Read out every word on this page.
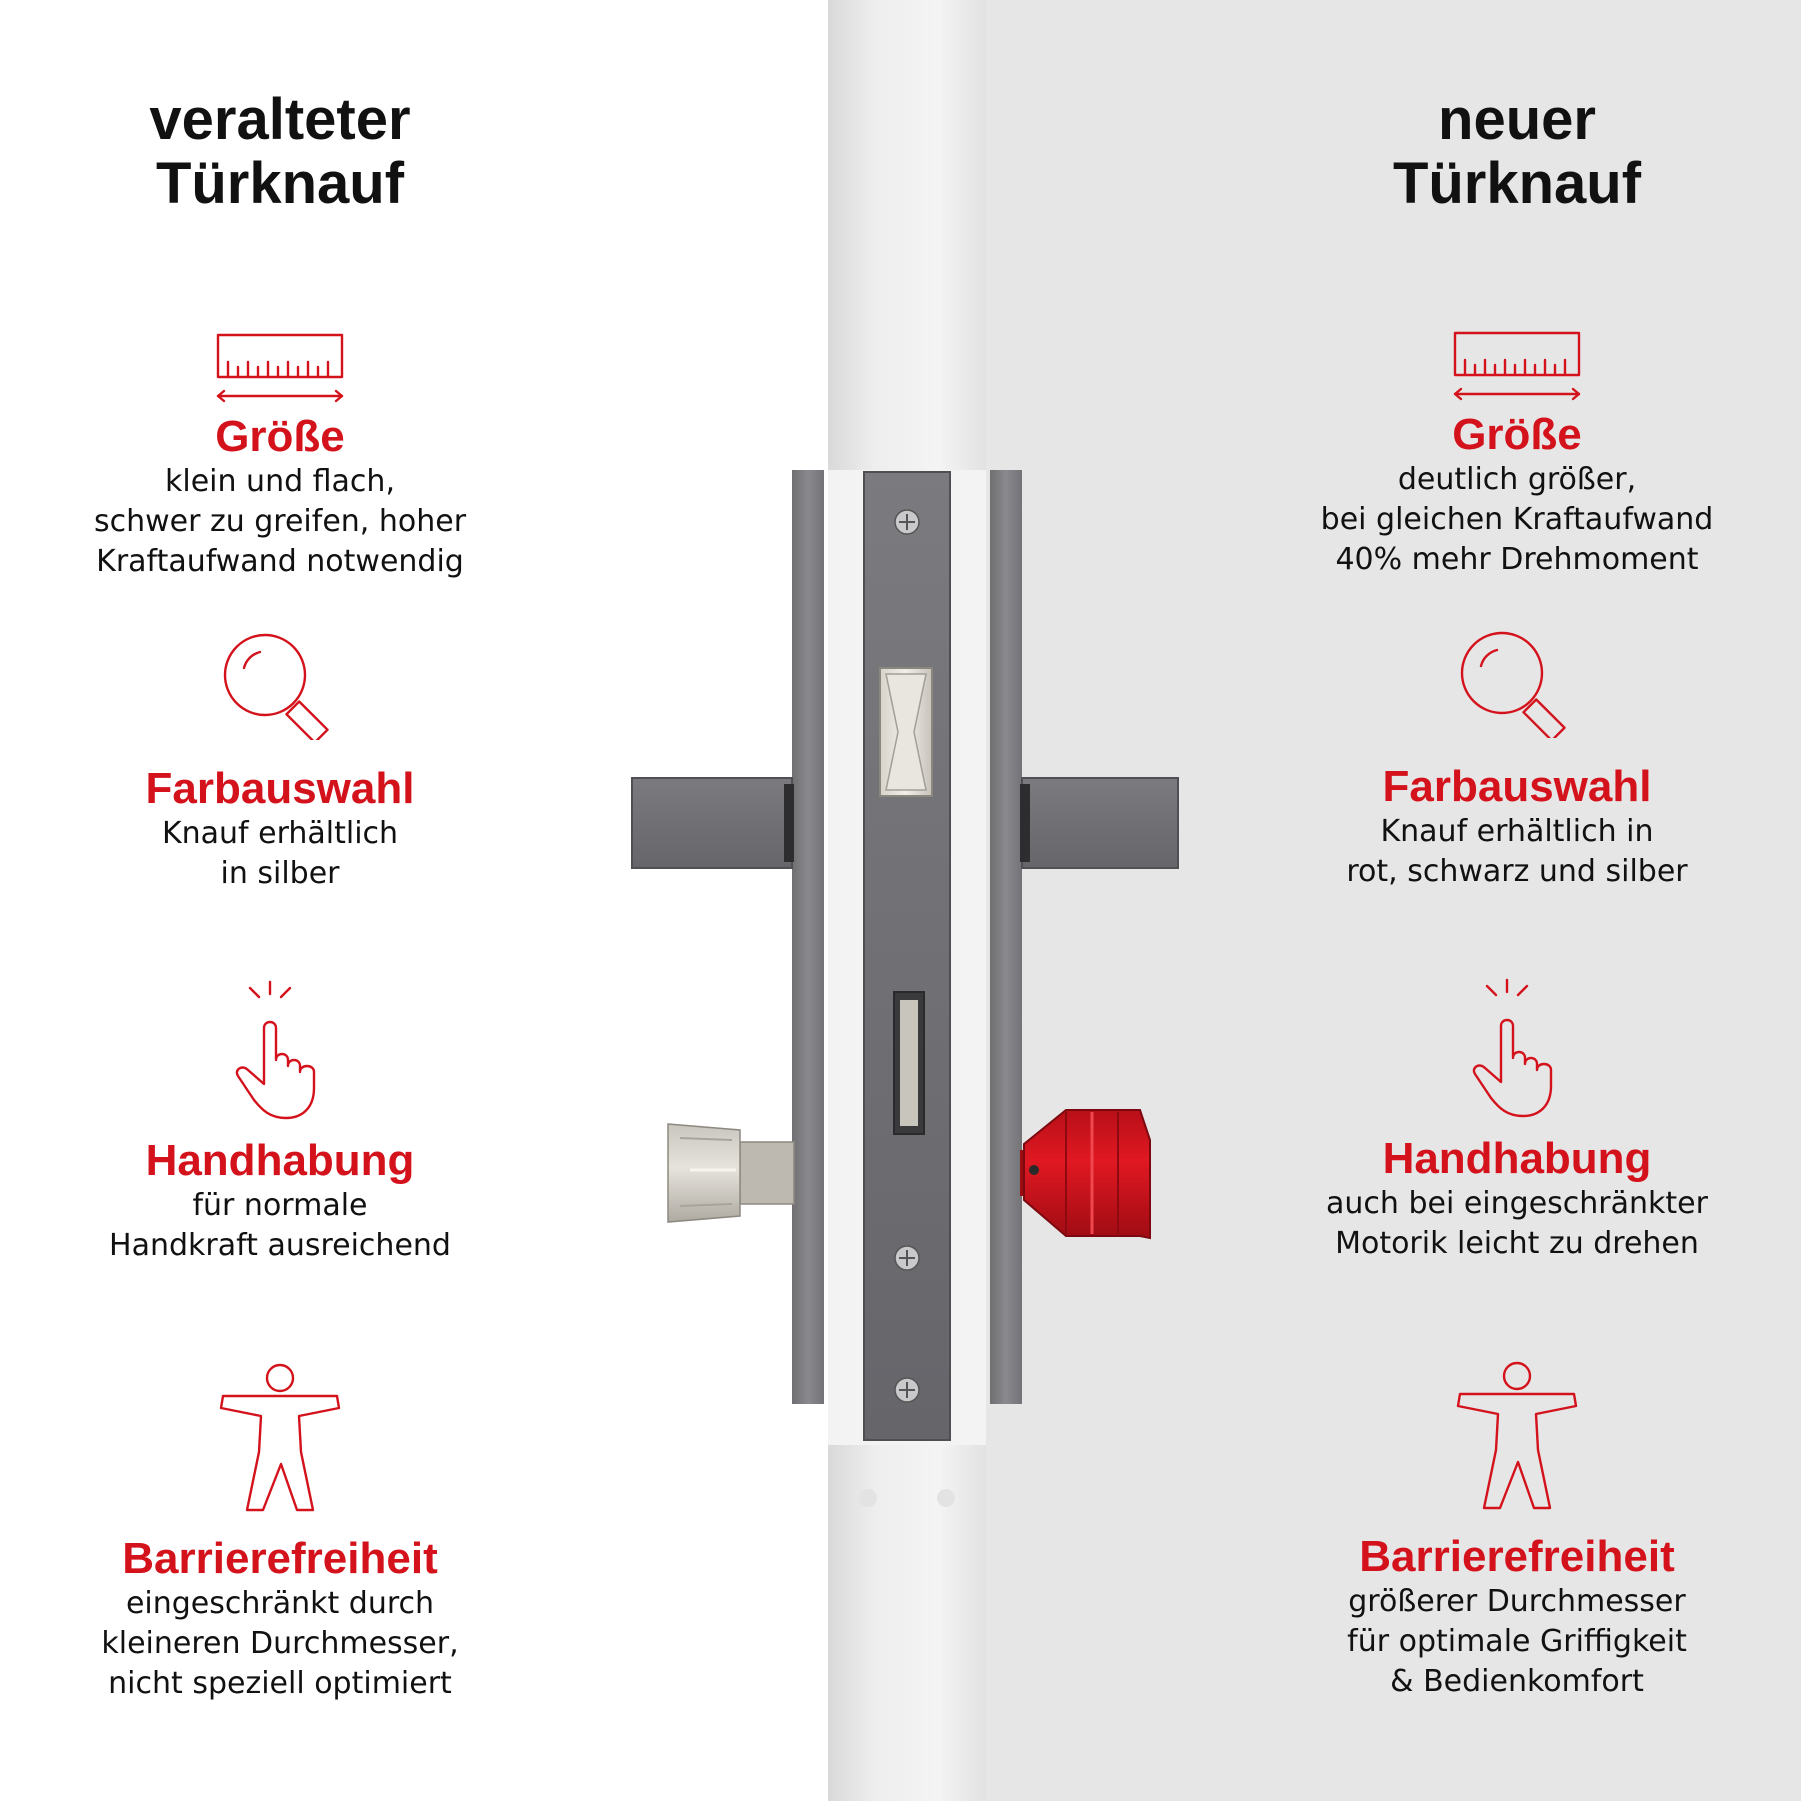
veralteter
Türknauf
neuer
Türknauf
Größe
klein und flach,
schwer zu greifen, hoher
Kraftaufwand notwendig
Farbauswahl
Knauf erhältlich
in silber
Handhabung
für normale
Handkraft ausreichend
Barrierefreiheit
eingeschränkt durch
kleineren Durchmesser,
nicht speziell optimiert
Größe
deutlich größer,
bei gleichen Kraftaufwand
40% mehr Drehmoment
Farbauswahl
Knauf erhältlich in
rot, schwarz und silber
Handhabung
auch bei eingeschränkter
Motorik leicht zu drehen
Barrierefreiheit
größerer Durchmesser
für optimale Griffigkeit
& Bedienkomfort
